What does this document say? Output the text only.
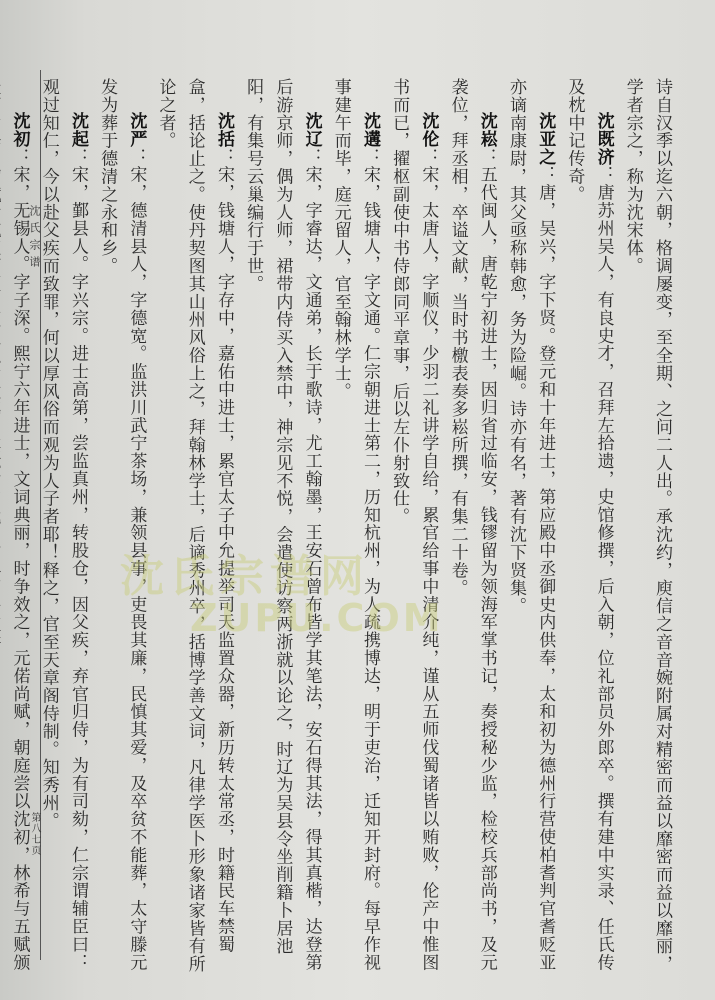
沈氏宗谱
第八七页	诗自汉季以迄六朝，格调屡变，至全期、之问二人出。承沈约，庾信之音音婉附属对精密而益以靡密而益以靡丽，学者宗之，称为沈宋体。
沈既济：唐苏州吴人，有良史才，召拜左拾遗，史馆修撰，后入朝，位礼部员外郎卒。撰有建中实录、任氏传及枕中记传奇。
沈亚之：唐，吴兴，字下贤。登元和十年进士，第应殿中丞御史内供奉，太和初为德州行营使柏耆判官耆贬亚亦谪南康尉，其父亟称韩愈，务为险崛。诗亦有名，著有沈下贤集。
沈崧：五代闽人，唐乾宁初进士，因归省过临安，钱镠留为领海军掌书记，奏授秘少监，检校兵部尚书，及元袭位，拜丞相，卒谥文献，当时书檄表奏多崧所撰，有集二十卷。
沈伦：宋，太唐人，字顺仪，少羽二礼讲学自给，累官给事中清介纯，谨从五师伐蜀诸皆以贿败，伦产中惟图书而已，擢枢副使中书侍郎同平章事，后以左仆射致仕。
沈遘：宋，钱塘人，字文通。仁宗朝进士第二，历知杭州，为人疏携博达，明于吏治，迁知开封府。每早作视事建午而毕，庭元留人，官至翰林学士。
沈辽：宋，字睿达，文通弟，长于歌诗，尤工翰墨，王安石曾布皆学其笔法，安石得其法，得其真楷，达登第后游京师，偶为人师，裙带内侍买入禁中，神宗见不悦，会遣使访察两浙就以论之，时辽为吴县令坐削籍卜居池阳，有集号云巢编行于世。
沈括：宋，钱塘人，字存中，嘉佑中进士，累官太子中允提举司天监置众器，新历转太常丞，时籍民车禁蜀盒，括论止之。使丹契图其山州风俗上之，拜翰林学士，后谪秀州卒，括博学善文词，凡律学医卜形象诸家皆有所论之者。
沈严：宋，德清县人，字德宽。监洪川武宁茶场，兼领县事，吏畏其廉，民慎其爱，及卒贫不能葬，太守滕元发为葬于德清之永和乡。
沈起：宋，鄞县人。字兴宗。进士高第，尝监真州，转股仓，因父疾，弃官归侍，为有司劾，仁宗谓辅臣曰：观过知仁，今以赴父疾而致罪，何以厚风俗而观为人子者耶！释之，官至天章阁侍制。知秀州。
沈初：宋，无锡人。字子深。熙宁六年进士，文词典丽，时争效之，元偌尚赋，朝庭尝以沈初，林希与五赋颁
沈氏宗谱网
ZUPU.COM
